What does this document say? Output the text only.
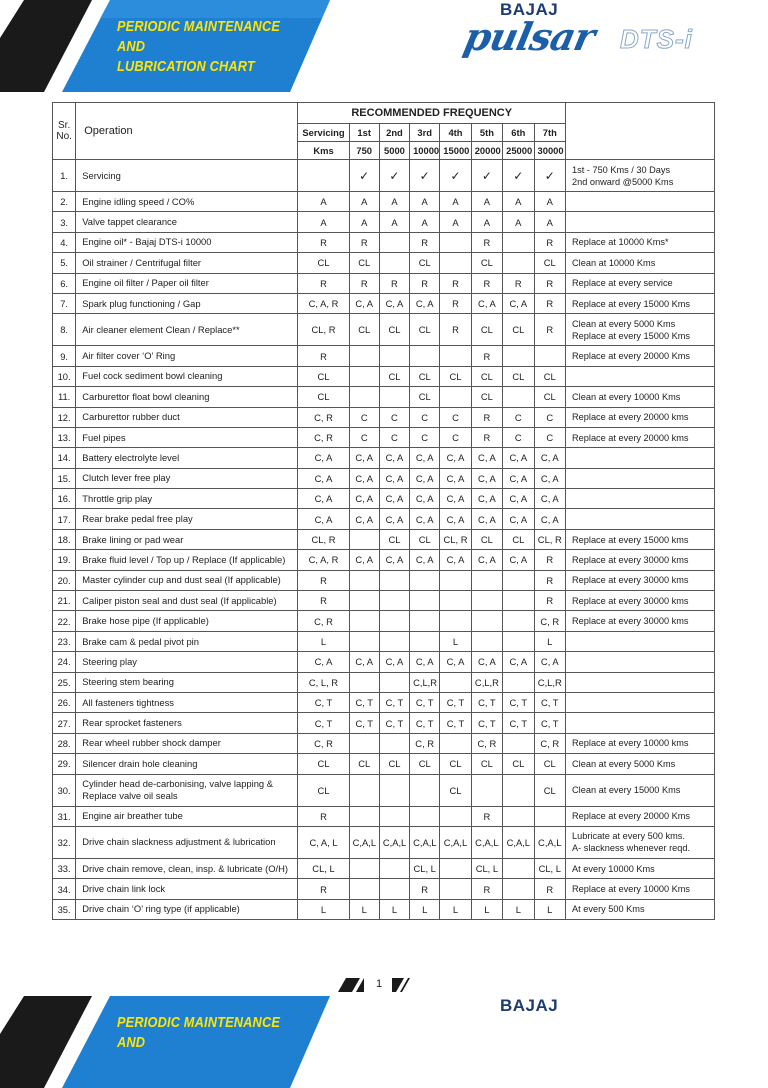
PERIODIC MAINTENANCE AND
LUBRICATION CHART
BAJAJ
pulsar DTS-i
Sr. No.	Operation	RECOMMENDED FREQUENCY								
		Servicing	1st	2nd	3rd	4th	5th	6th	7th	
		Kms	750	5000	10000	15000	20000	25000	30000	
1.	Servicing		✓	✓	✓	✓	✓	✓	✓	1st - 750 Kms / 30 Days
2nd onward @5000 Kms
2.	Engine idling speed / CO%	A	A	A	A	A	A	A	A	
3.	Valve tappet clearance	A	A	A	A	A	A	A	A	
4.	Engine oil* - Bajaj DTS-i 10000	R	R		R		R		R	Replace at 10000 Kms*
5.	Oil strainer / Centrifugal filter	CL	CL		CL		CL		CL	Clean at 10000 Kms
6.	Engine oil filter / Paper oil filter	R	R	R	R	R	R	R	R	Replace at every service
7.	Spark plug functioning / Gap	C, A, R	C, A	C, A	C, A	R	C, A	C, A	R	Replace at every 15000 Kms
8.	Air cleaner element Clean / Replace**	CL, R	CL	CL	CL	R	CL	CL	R	Clean at every 5000 Kms
Replace at every 15000 Kms
9.	Air filter cover ‘O’ Ring	R					R			Replace at every 20000 Kms
10.	Fuel cock sediment bowl cleaning	CL		CL	CL	CL	CL	CL	CL	
11.	Carburettor float bowl cleaning	CL			CL		CL		CL	Clean at every 10000 Kms
12.	Carburettor rubber duct	C, R	C	C	C	C	R	C	C	Replace at every 20000 kms
13.	Fuel pipes	C, R	C	C	C	C	R	C	C	Replace at every 20000 kms
14.	Battery electrolyte level	C, A	C, A	C, A	C, A	C, A	C, A	C, A	C, A	
15.	Clutch lever free play	C, A	C, A	C, A	C, A	C, A	C, A	C, A	C, A	
16.	Throttle grip play	C, A	C, A	C, A	C, A	C, A	C, A	C, A	C, A	
17.	Rear brake pedal free play	C, A	C, A	C, A	C, A	C, A	C, A	C, A	C, A	
18.	Brake lining or pad wear	CL, R		CL	CL	CL, R	CL	CL	CL, R	Replace at every 15000 kms
19.	Brake fluid level / Top up / Replace (If applicable)	C, A, R	C, A	C, A	C, A	C, A	C, A	C, A	R	Replace at every 30000 kms
20.	Master cylinder cup and dust seal (If applicable)	R							R	Replace at every 30000 kms
21.	Caliper piston seal and dust seal (If applicable)	R							R	Replace at every 30000 kms
22.	Brake hose pipe (If applicable)	C, R							C, R	Replace at every 30000 kms
23.	Brake cam & pedal pivot pin	L				L			L	
24.	Steering play	C, A	C, A	C, A	C, A	C, A	C, A	C, A	C, A	
25.	Steering stem bearing	C, L, R			C,L,R		C,L,R		C,L,R	
26.	All fasteners tightness	C, T	C, T	C, T	C, T	C, T	C, T	C, T	C, T	
27.	Rear sprocket fasteners	C, T	C, T	C, T	C, T	C, T	C, T	C, T	C, T	
28.	Rear wheel rubber shock damper	C, R			C, R		C, R		C, R	Replace at every 10000 kms
29.	Silencer drain hole cleaning	CL	CL	CL	CL	CL	CL	CL	CL	Clean at every 5000 Kms
30.	Cylinder head de-carbonising, valve lapping &
Replace valve oil seals	CL				CL			CL	Clean at every 15000 Kms
31.	Engine air breather tube	R					R			Replace at every 20000 Kms
32.	Drive chain slackness adjustment & lubrication	C, A, L	C,A,L	C,A,L	C,A,L	C,A,L	C,A,L	C,A,L	C,A,L	Lubricate at every 500 kms.
A- slackness whenever reqd.
33.	Drive chain remove, clean, insp. & lubricate (O/H)	CL, L			CL, L		CL, L		CL, L	At every 10000 Kms
34.	Drive chain link lock	R			R		R		R	Replace at every 10000 Kms
35.	Drive chain ‘O’ ring type (if applicable)	L	L	L	L	L	L	L	L	At every 500 Kms
1
PERIODIC MAINTENANCE AND
BAJAJ
